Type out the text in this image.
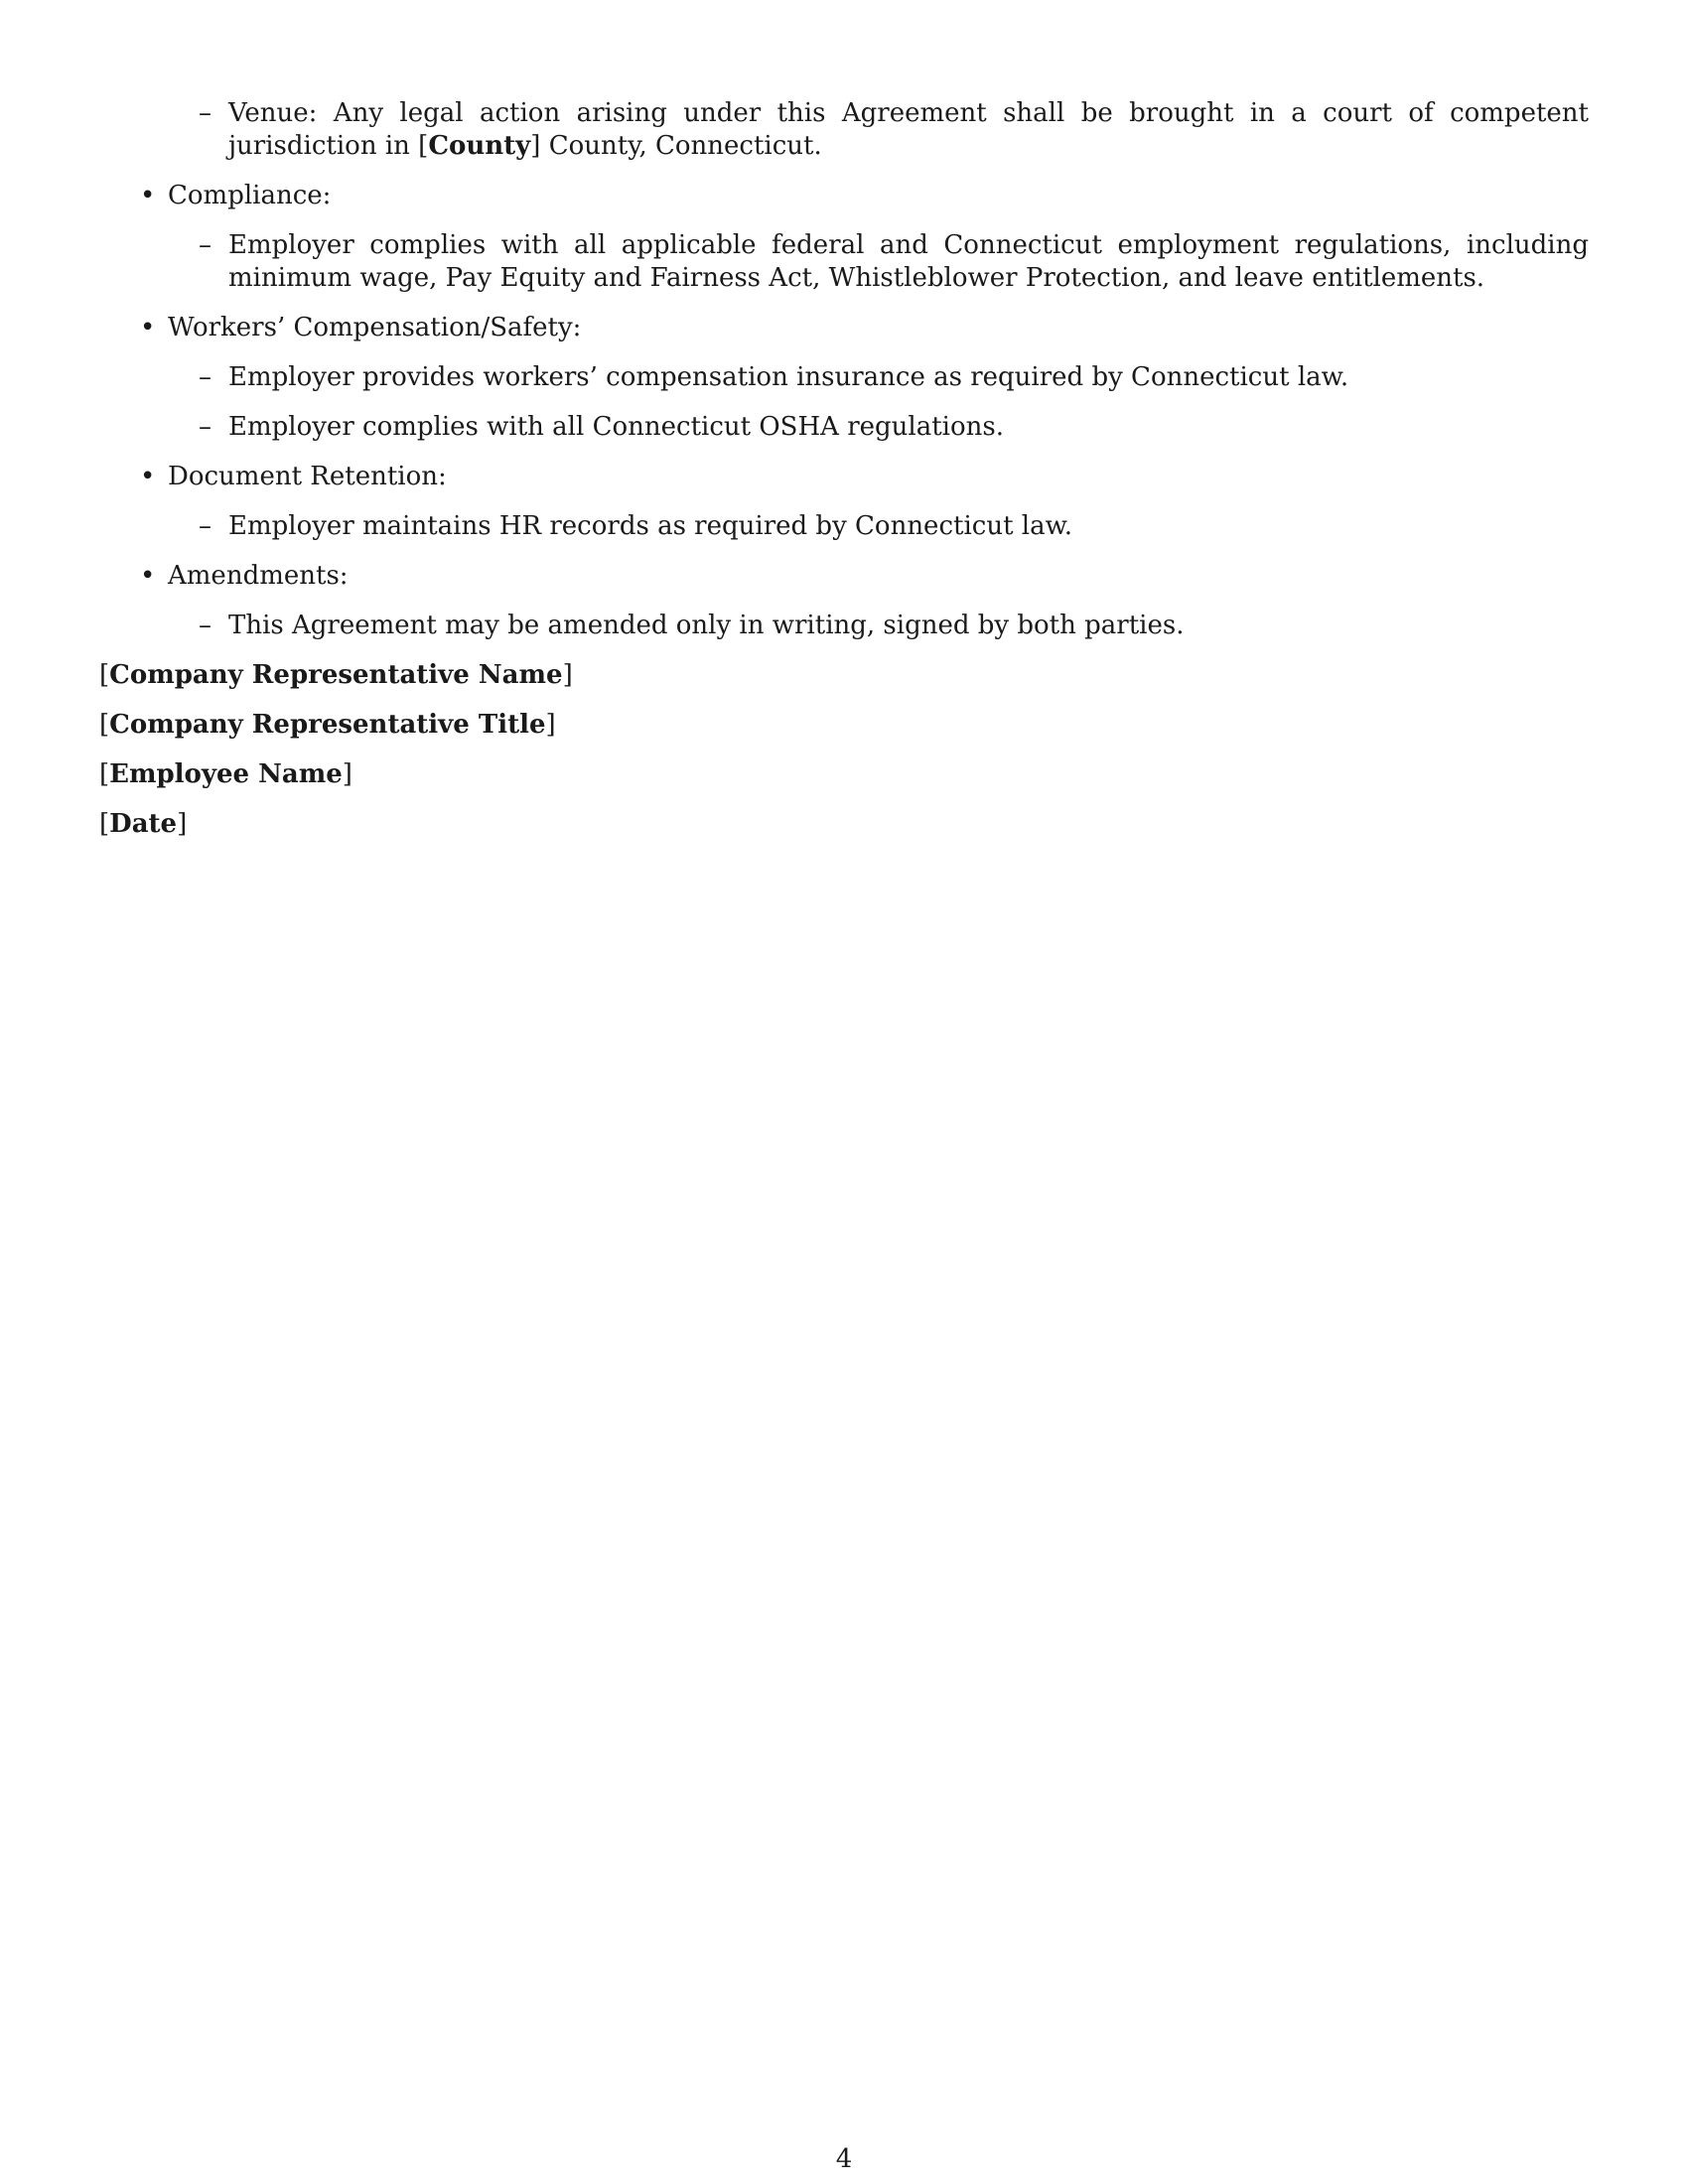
– Venue: Any legal action arising under this Agreement shall be brought in a court of competent jurisdiction in [County] County, Connecticut.
• Compliance:
– Employer complies with all applicable federal and Connecticut employment regulations, including minimum wage, Pay Equity and Fairness Act, Whistleblower Protection, and leave entitlements.
• Workers’ Compensation/Safety:
– Employer provides workers’ compensation insurance as required by Connecticut law.
– Employer complies with all Connecticut OSHA regulations.
• Document Retention:
– Employer maintains HR records as required by Connecticut law.
• Amendments:
– This Agreement may be amended only in writing, signed by both parties.
[Company Representative Name]
[Company Representative Title]
[Employee Name]
[Date]
4
